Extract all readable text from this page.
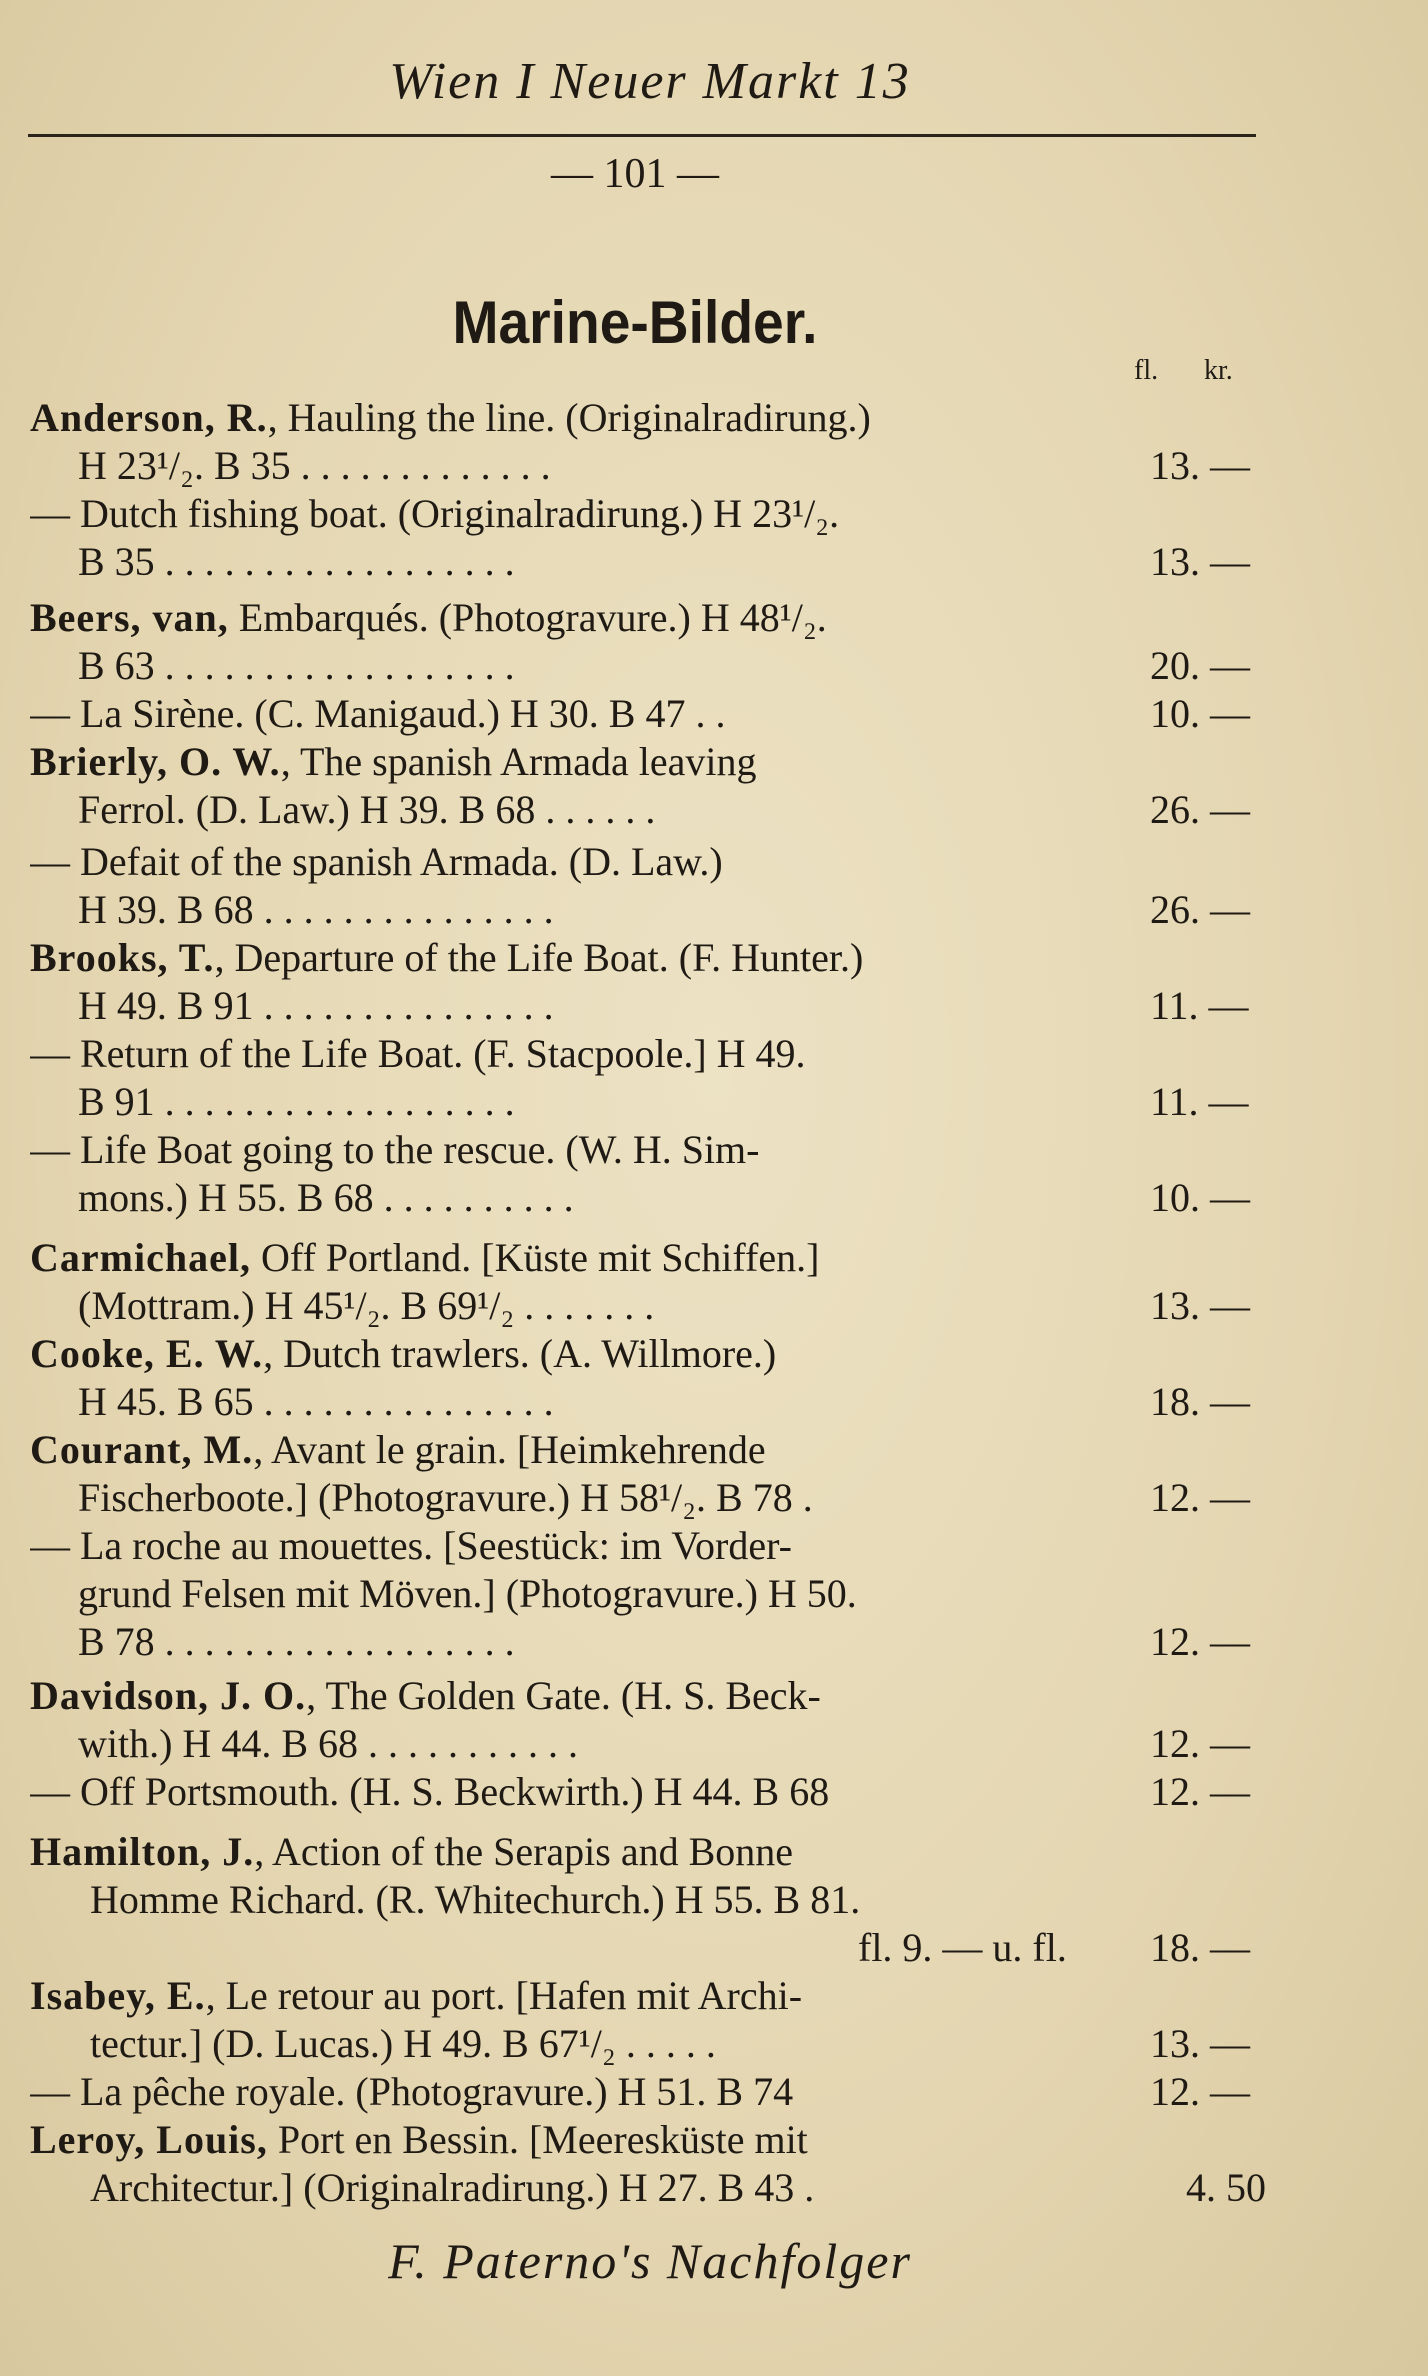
Wien I Neuer Markt 13
— 101 —
Marine-Bilder.
fl. kr.
Anderson, R., Hauling the line. (Originalradirung.)
H 23¹/₂. B 35 . . . . . . . . . . . . .	13. —
— Dutch fishing boat. (Originalradirung.) H 23¹/₂.
B 35 . . . . . . . . . . . . . . . . . .	13. —
Beers, van, Embarqués. (Photogravure.) H 48¹/₂.
B 63 . . . . . . . . . . . . . . . . . .	20. —
— La Sirène. (C. Manigaud.) H 30. B 47 . .	10. —
Brierly, O. W., The spanish Armada leaving
Ferrol. (D. Law.) H 39. B 68 . . . . . .	26. —
— Defait of the spanish Armada. (D. Law.)
H 39. B 68 . . . . . . . . . . . . . . .	26. —
Brooks, T., Departure of the Life Boat. (F. Hunter.)
H 49. B 91 . . . . . . . . . . . . . . .	11. —
— Return of the Life Boat. (F. Stacpoole.] H 49.
B 91 . . . . . . . . . . . . . . . . . .	11. —
— Life Boat going to the rescue. (W. H. Sim-
mons.) H 55. B 68 . . . . . . . . . .	10. —
Carmichael, Off Portland. [Küste mit Schiffen.]
(Mottram.) H 45¹/₂. B 69¹/₂ . . . . . . .	13. —
Cooke, E. W., Dutch trawlers. (A. Willmore.)
H 45. B 65 . . . . . . . . . . . . . . .	18. —
Courant, M., Avant le grain. [Heimkehrende
Fischerboote.] (Photogravure.) H 58¹/₂. B 78 .	12. —
— La roche au mouettes. [Seestück: im Vorder-
grund Felsen mit Möven.] (Photogravure.) H 50.
B 78 . . . . . . . . . . . . . . . . . .	12. —
Davidson, J. O., The Golden Gate. (H. S. Beck-
with.) H 44. B 68 . . . . . . . . . . .	12. —
— Off Portsmouth. (H. S. Beckwirth.) H 44. B 68	12. —
Hamilton, J., Action of the Serapis and Bonne
Homme Richard. (R. Whitechurch.) H 55. B 81.
fl. 9. — u. fl.	18. —
Isabey, E., Le retour au port. [Hafen mit Archi-
tectur.] (D. Lucas.) H 49. B 67¹/₂ . . . . .	13. —
— La pêche royale. (Photogravure.) H 51. B 74	12. —
Leroy, Louis, Port en Bessin. [Meeresküste mit
Architectur.] (Originalradirung.) H 27. B 43 .	4. 50
F. Paterno's Nachfolger
